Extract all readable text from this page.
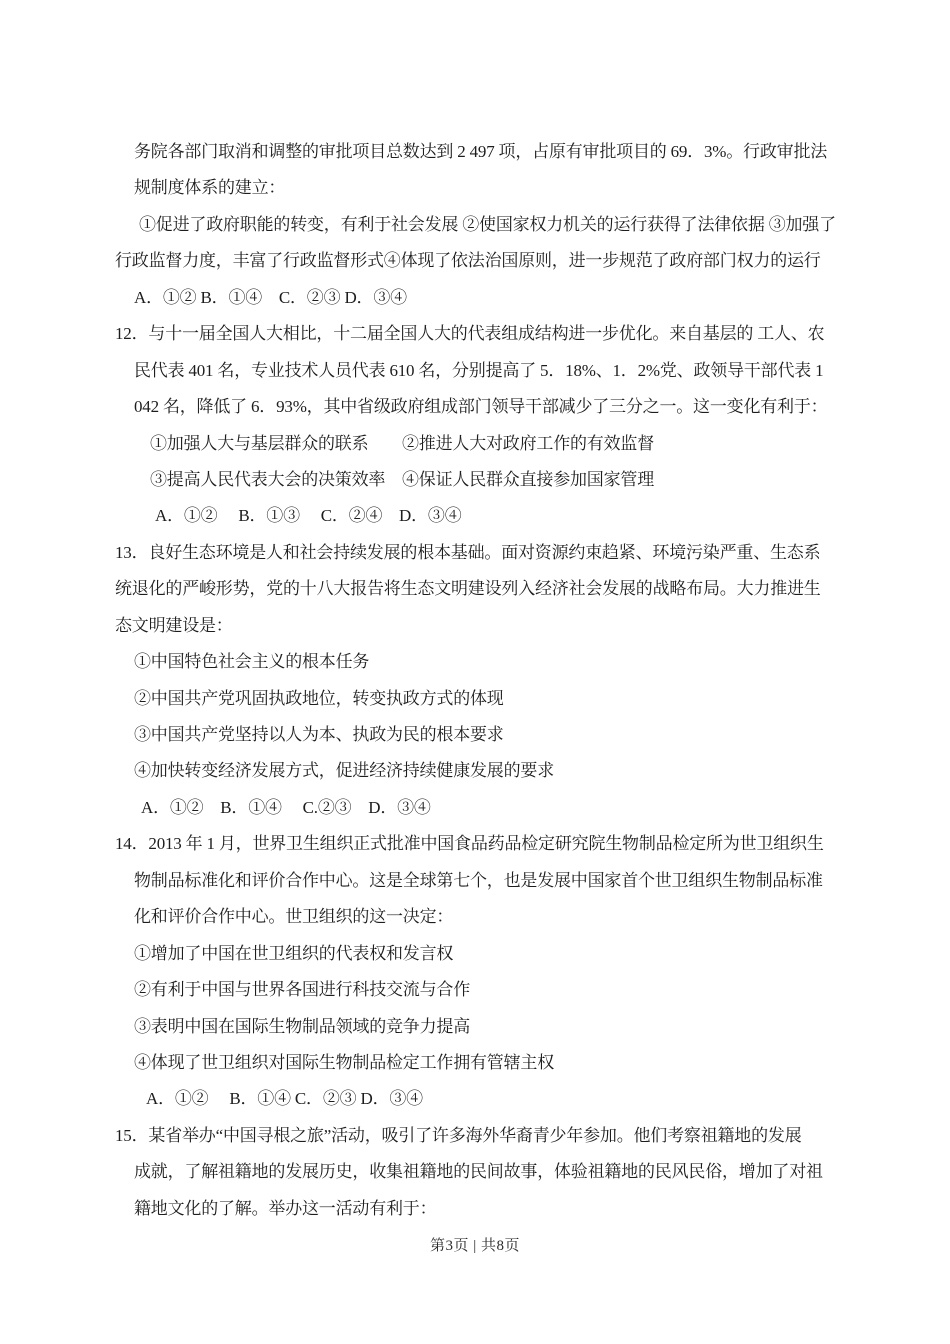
务院各部门取消和调整的审批项目总数达到 2 497 项，占原有审批项目的 69．3%。行政审批法

规制度体系的建立：

①促进了政府职能的转变，有利于社会发展 ②使国家权力机关的运行获得了法律依据 ③加强了

行政监督力度，丰富了行政监督形式④体现了依法治国原则，进一步规范了政府部门权力的运行

A．①② B．①④　C．②③ D．③④

12．与十一届全国人大相比，十二届全国人大的代表组成结构进一步优化。来自基层的 工人、农

民代表 401 名，专业技术人员代表 610 名，分别提高了 5．18%、1．2%党、政领导干部代表 1

042 名，降低了 6．93%，其中省级政府组成部门领导干部减少了三分之一。这一变化有利于：

①加强人大与基层群众的联系　　②推进人大对政府工作的有效监督

③提高人民代表大会的决策效率　④保证人民群众直接参加国家管理

A．①②　 B．①③　 C．②④　D．③④

13．良好生态环境是人和社会持续发展的根本基础。面对资源约束趋紧、环境污染严重、生态系

统退化的严峻形势，党的十八大报告将生态文明建设列入经济社会发展的战略布局。大力推进生

态文明建设是：

①中国特色社会主义的根本任务

②中国共产党巩固执政地位，转变执政方式的体现

③中国共产党坚持以人为本、执政为民的根本要求

④加快转变经济发展方式，促进经济持续健康发展的要求

A．①②　B．①④　 C.②③　D．③④

14．2013 年 1 月，世界卫生组织正式批准中国食品药品检定研究院生物制品检定所为世卫组织生

物制品标准化和评价合作中心。这是全球第七个，也是发展中国家首个世卫组织生物制品标准

化和评价合作中心。世卫组织的这一决定：

①增加了中国在世卫组织的代表权和发言权

②有利于中国与世界各国进行科技交流与合作

③表明中国在国际生物制品领域的竞争力提高

④体现了世卫组织对国际生物制品检定工作拥有管辖主权

A．①②　 B．①④ C．②③ D．③④

15．某省举办“中国寻根之旅”活动，吸引了许多海外华裔青少年参加。他们考察祖籍地的发展

成就，了解祖籍地的发展历史，收集祖籍地的民间故事，体验祖籍地的民风民俗，增加了对祖

籍地文化的了解。举办这一活动有利于：

第3页 | 共8页
